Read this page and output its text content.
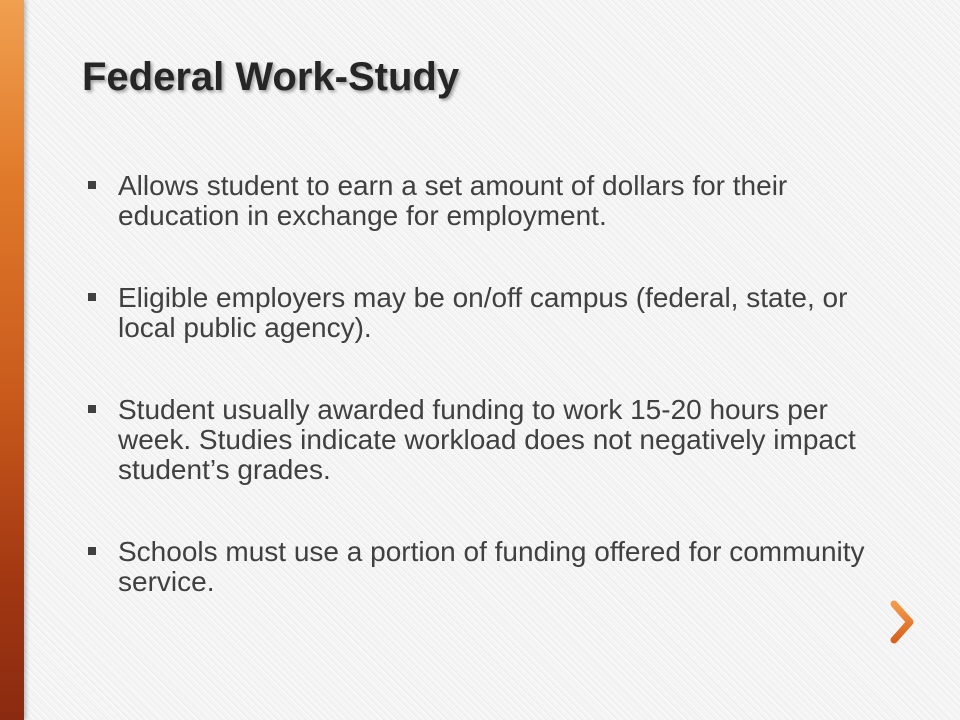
Federal Work-Study
Allows student to earn a set amount of dollars for their education in exchange for employment.
Eligible employers may be on/off campus (federal, state, or local public agency).
Student usually awarded funding to work 15-20 hours per week. Studies indicate workload does not negatively impact student’s grades.
Schools must use a portion of funding offered for community service.
